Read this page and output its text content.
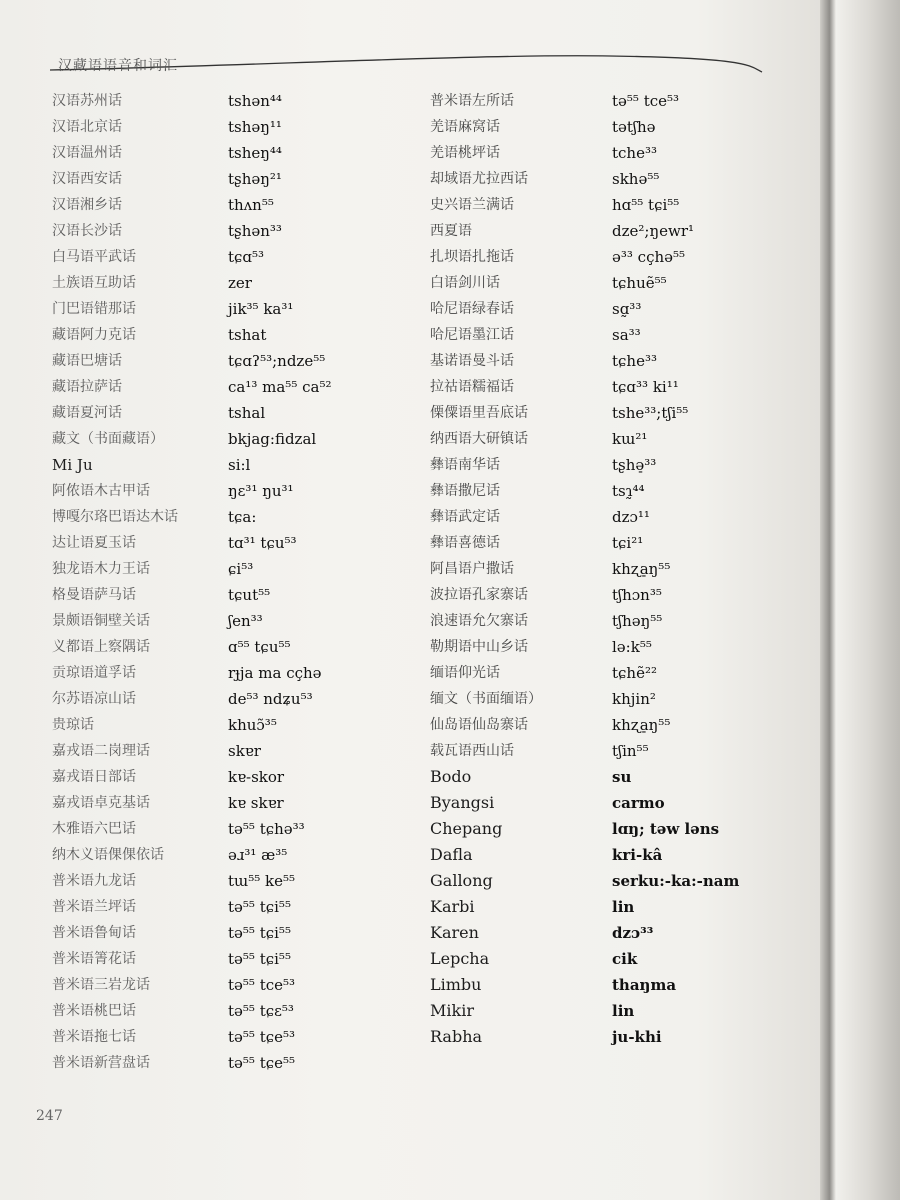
汉藏语语音和词汇
汉语苏州话
汉语北京话
汉语温州话
汉语西安话
汉语湘乡话
汉语长沙话
白马语平武话
土族语互助话
门巴语错那话
藏语阿力克话
藏语巴塘话
藏语拉萨话
藏语夏河话
藏文（书面藏语）
Mi Ju
阿侬语木古甲话
博嘎尔珞巴语达木话
达让语夏玉话
独龙语木力王话
格曼语萨马话
景颇语铜壁关话
义都语上察隅话
贡琼语道孚话
尔苏语凉山话
贵琼话
嘉戎语二岗理话
嘉戎语日部话
嘉戎语卓克基话
木雅语六巴话
纳木义语倮倮依话
普米语九龙话
普米语兰坪话
普米语鲁甸话
普米语箐花话
普米语三岩龙话
普米语桃巴话
普米语拖七话
普米语新营盘话
tshən⁴⁴
tshəŋ¹¹
tsheŋ⁴⁴
tʂhəŋ²¹
thʌn⁵⁵
tʂhən³³
tɕɑ⁵³
zer
jik³⁵ ka³¹
tshat
tɕɑʔ⁵³;ndze⁵⁵
ca¹³ ma⁵⁵ ca⁵²
tshal
bkjag:fidzal
si:l
ŋɛ³¹ ŋu³¹
tɕa:
tɑ³¹ tɕu⁵³
ɕi⁵³
tɕut⁵⁵
ʃen³³
ɑ⁵⁵ tɕu⁵⁵
rɟja ma cçhə
de⁵³ ndʑu⁵³
khuɔ̃³⁵
skɐr
kɐ-skor
kɐ skɐr
tə⁵⁵ tɕhə³³
əɹ³¹ æ³⁵
tɯ⁵⁵ ke⁵⁵
tə⁵⁵ tɕi⁵⁵
tə⁵⁵ tɕi⁵⁵
tə⁵⁵ tɕi⁵⁵
tə⁵⁵ tce⁵³
tə⁵⁵ tɕɛ⁵³
tə⁵⁵ tɕe⁵³
tə⁵⁵ tɕe⁵⁵
普米语左所话
羌语麻窝话
羌语桃坪话
却域语尤拉西话
史兴语兰满话
西夏语
扎坝语扎拖话
白语剑川话
哈尼语绿春话
哈尼语墨江话
基诺语曼斗话
拉祜语糯福话
傈僳语里吾底话
纳西语大研镇话
彝语南华话
彝语撒尼话
彝语武定话
彝语喜德话
阿昌语户撒话
波拉语孔家寨话
浪速语允欠寨话
勒期语中山乡话
缅语仰光话
缅文（书面缅语）
仙岛语仙岛寨话
载瓦语西山话
Bodo
Byangsi
Chepang
Dafla
Gallong
Karbi
Karen
Lepcha
Limbu
Mikir
Rabha
tə⁵⁵ tce⁵³
tətʃhə
tche³³
skhə⁵⁵
hɑ⁵⁵ tɕi⁵⁵
dze²;ŋewr¹
ə³³ cçhə⁵⁵
tɕhuẽ⁵⁵
sɑ̰³³
sa³³
tɕhe³³
tɕɑ³³ ki¹¹
tshe³³;tʃi⁵⁵
kɯ²¹
tʂhə̠³³
tsɿ̰⁴⁴
dzɔ¹¹
tɕi²¹
khʐa̠ŋ⁵⁵
tʃhɔn³⁵
tʃhəŋ⁵⁵
lə:k⁵⁵
tɕhẽ²²
khjin²
khʐa̠ŋ⁵⁵
tʃin⁵⁵
su
carmo
lɑŋ; təw ləns
kri-kâ
serku:-ka:-nam
lin
dzɔ³³
cik
thaŋma
lin
ju-khi
247
